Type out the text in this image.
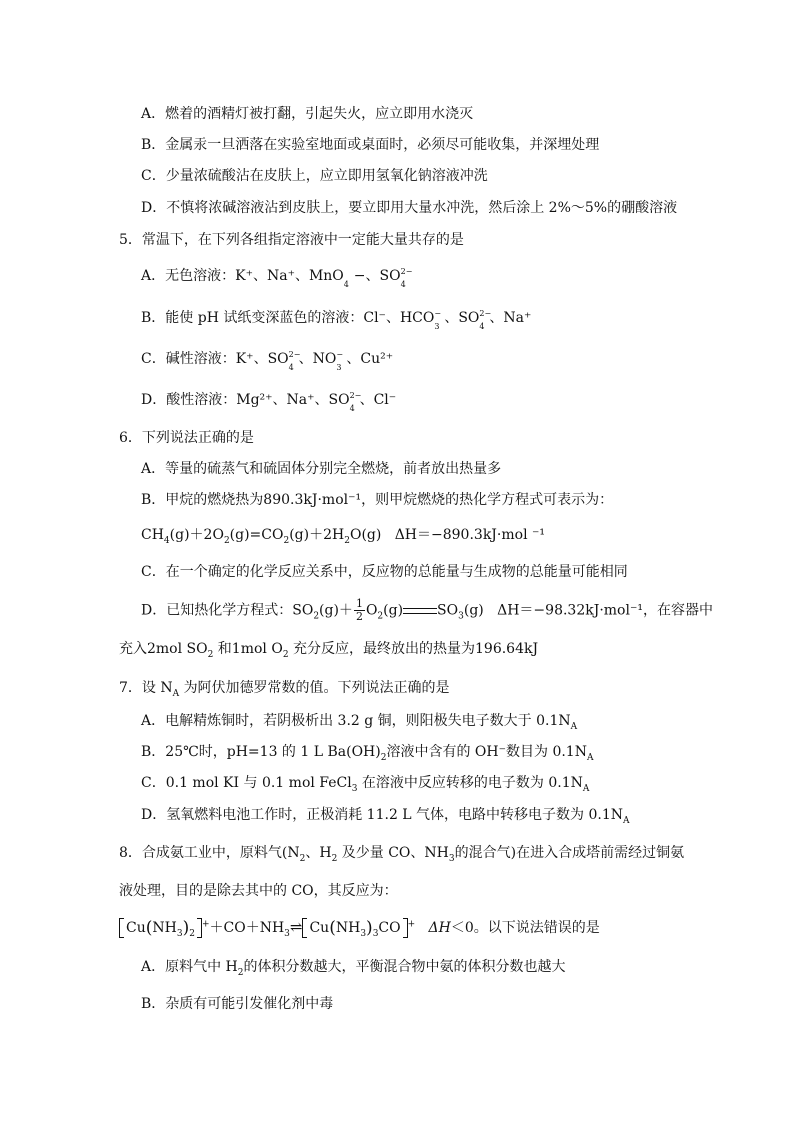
A．燃着的酒精灯被打翻，引起失火，应立即用水浇灭
B．金属汞一旦洒落在实验室地面或桌面时，必须尽可能收集，并深埋处理
C．少量浓硫酸沾在皮肤上，应立即用氢氧化钠溶液冲洗
D．不慎将浓碱溶液沾到皮肤上，要立即用大量水冲洗，然后涂上 2%～5%的硼酸溶液
5．常温下，在下列各组指定溶液中一定能大量共存的是
A．无色溶液：K⁺、Na⁺、MnO
4
−、SO 2−
4
B．能使 pH 试纸变深蓝色的溶液：Cl⁻、HCO −
3
、SO 2−
4
、Na⁺
C．碱性溶液：K⁺、SO 2−
4
、NO −
3
、Cu²⁺
D．酸性溶液：Mg²⁺、Na⁺、SO 2−
4
、Cl⁻
6．下列说法正确的是
A．等量的硫蒸气和硫固体分别完全燃烧，前者放出热量多
B．甲烷的燃烧热为890.3kJ·mol⁻¹，则甲烷燃烧的热化学方程式可表示为：
$CH_4(g)+2O_2(g)=CO_2(g)+2H_2O(g)$   ΔH＝−890.3kJ·mol ⁻¹
C．在一个确定的化学反应关系中，反应物的总能量与生成物的总能量可能相同
D．已知热化学方程式：$SO_2(g)+ \frac{1}{2} O_2(g)$ $SO_3(g)$   ΔH＝−98.32kJ·mol⁻¹，在容器中
充入2mol $SO_2$ 和1mol $O_2$ 充分反应，最终放出的热量为196.64kJ
7．设 $N_A$ 为阿伏加德罗常数的值。下列说法正确的是
A．电解精炼铜时，若阴极析出 3.2 g 铜，则阳极失电子数大于 $0.1N_A$
B．25℃时，pH=13 的 1 L $Ba(OH)_2$溶液中含有的 OH⁻数目为 $0.1N_A$
C．0.1 mol KI 与 0.1 mol FeCl$_3$ 在溶液中反应转移的电子数为 $0.1N_A$
D．氢氧燃料电池工作时，正极消耗 11.2 L 气体，电路中转移电子数为 $0.1N_A$
8．合成氨工业中，原料气($N_2$、$H_2$ 及少量 CO、$NH_3$的混合气)在进入合成塔前需经过铜氨
液处理，目的是除去其中的 CO，其反应为：
$Cu(NH_3)_2^++CO+NH_3\rightleftharpoons$ $Cu(NH_3)_3CO$ + ΔH＜0。以下说法错误的是
A．原料气中 $H_2$的体积分数越大，平衡混合物中氨的体积分数也越大
B．杂质有可能引发催化剂中毒
